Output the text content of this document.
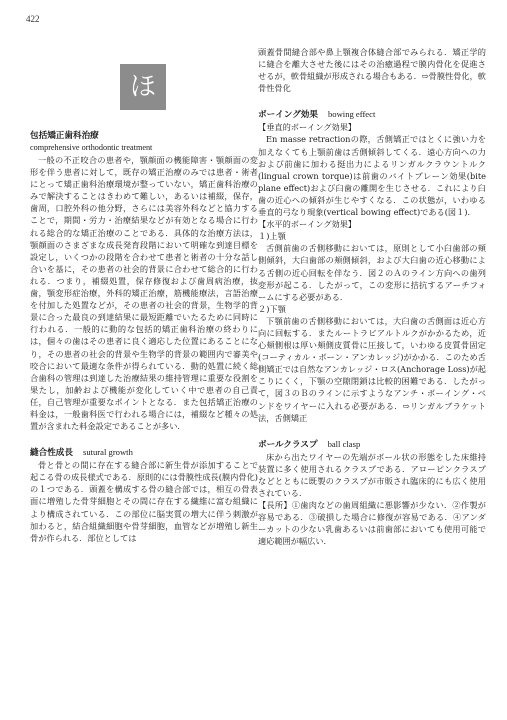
422
ほ
包括矯正歯科治療
comprehensive orthodontic treatment

一般の不正咬合の患者や，顎顔面の機能障害・顎顔面の変形を伴う患者に対して，既存の矯正治療のみでは患者・術者にとって矯正歯科治療環境が整っていない，矯正歯科治療のみで解決することはきわめて難しい，あるいは補綴，保存，歯周，口腔外科の他分野，さらには美容外科などと協力することで，期間・労力・治療結果などが有効となる場合に行われる総合的な矯正治療のことである．具体的な治療方法は，顎顔面のさまざまな成長発育段階において明確な到達目標を設定し，いくつかの段階を合わせて患者と術者の十分な話し合いを基に，その患者の社会的背景に合わせて総合的に行われる．つまり，補綴処置，保存修復および歯周病治療，抜歯，顎変形症治療，外科的矯正治療，筋機能療法，言語治療を付加した処置などが，その患者の社会的背景，生物学的背景に合った最良の到達結果に最短距離でいたるために同時に行われる．一般的に動的な包括的矯正歯科治療の終わりには，個々の歯はその患者に良く適応した位置にあることになり，その患者の社会的背景や生物学的背景の範囲内で審美や咬合において最適な条件が得られている．動的処置に続く総合歯科の管理は到達した治療結果の維持管理に重要な役割を果たし，加齢および機能が変化していく中で患者の自己責任，自己管理が重要なポイントとなる．また包括矯正治療の料金は，一般歯科医で行われる場合には，補綴など種々の処置が含まれた料金設定であることが多い．

縫合性成長 sutural growth

骨と骨との間に存在する縫合部に新生骨が添加することで起こる骨の成長様式である．原則的には骨膜性成長(膜内骨化)の１つである．頭蓋を構成する骨の縫合部では，相互の骨表面に増殖した骨芽細胞とその間に存在する繊維に富む組織により構成されている．この部位に脳実質の増大に伴う刺激が加わると，結合組織細胞や骨芽細胞，血管などが増殖し新生骨が作られる．部位としては

頭蓋骨間縫合部や鼻上顎複合体縫合部でみられる．矯正学的に縫合を離大させた後にはその治癒過程で膜内骨化を促進させるが，軟骨組織が形成される場合もある．⇨骨膜性骨化，軟骨性骨化

ボーイング効果 bowing effect
【垂直的ボーイング効果】

En masse retractionの際，舌側矯正ではとくに強い力を加えなくても上顎前歯は舌側傾斜してくる．遠心方向への力および前歯に加わる挺出力によるリンガルクラウントルク(lingual crown torque)は前歯のバイトプレーン効果(bite plane effect)および臼歯の離開を生じさせる．これにより臼歯の近心への傾斜が生じやすくなる．この状態が，いわゆる垂直的弓なり現象(vertical bowing effect)である(図１)．

【水平的ボーイング効果】
１)上顎

舌側前歯の舌側移動においては，原則として小臼歯部の頬側傾斜，大臼歯部の頬側傾斜，および大臼歯の近心移動による舌側の近心回転を伴なう．図２のＡのライン方向への歯列変形が起こる．したがって，この変形に拮抗するアーチフォームにする必要がある．

２)下顎

下顎前歯の舌側移動においては，大臼歯の舌側面は近心方向に回転する．またルートラビアルトルクがかかるため，近心頬側根は厚い頬側皮質骨に圧接して，いわゆる皮質骨固定(コーティカル・ボーン・アンカレッジ)がかかる．このため舌側矯正では自然なアンカレッジ・ロス(Anchorage Loss)が起こりにくく，下顎の空隙閉鎖は比較的困難である．したがって，図３のＢのラインに示すようなアンチ・ボーイング・ベンドをワイヤーに入れる必要がある．⇨リンガルブラケット法，舌側矯正

ボールクラスプ ball clasp

床から出たワイヤーの先端がボール状の形態をした床維持装置に多く使用されるクラスプである．アローピンクラスプなどとともに既製のクラスプが市販され臨床的にも広く使用されている．

【長所】①歯肉などの歯周組織に悪影響が少ない．②作製が容易である．③破損した場合に修復が容易である．④アンダーカットの少ない乳歯あるいは前歯部においても使用可能で適応範囲が幅広い．
